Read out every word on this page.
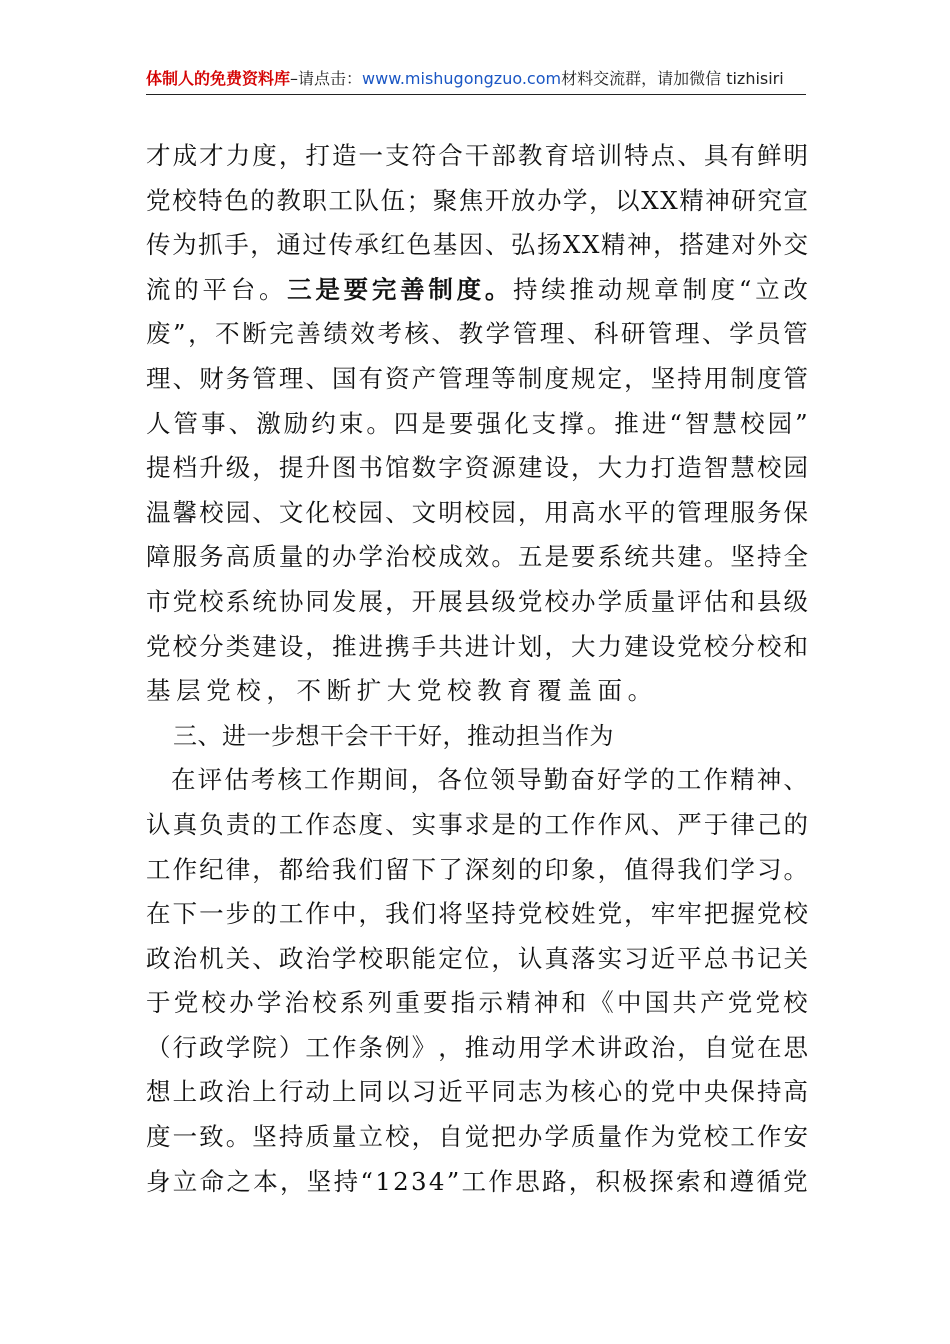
体制人的免费资料库–请点击：www.mishugongzuo.com材料交流群，请加微信 tizhisiri
才 成 才 力 度 ， 打 造 一 支 符 合 干 部 教 育 培 训 特 点 、 具 有 鲜 明
党 校 特 色 的 教 职 工 队 伍 ； 聚 焦 开 放 办 学 ， 以 X X 精 神 研 究 宣
传 为 抓 手 ， 通 过 传 承 红 色 基 因 、 弘 扬 X X 精 神 ， 搭 建 对 外 交
流 的 平 台 。 三 是 要 完 善 制 度 。 持 续 推 动 规 章 制 度 “ 立 改
废 ” ， 不 断 完 善 绩 效 考 核 、 教 学 管 理 、 科 研 管 理 、 学 员 管
理 、 财 务 管 理 、 国 有 资 产 管 理 等 制 度 规 定 ， 坚 持 用 制 度 管
人 管 事 、 激 励 约 束 。 四 是 要 强 化 支 撑 。 推 进 “ 智 慧 校 园 ”
提 档 升 级 ， 提 升 图 书 馆 数 字 资 源 建 设 ， 大 力 打 造 智 慧 校 园
温 馨 校 园 、 文 化 校 园 、 文 明 校 园 ， 用 高 水 平 的 管 理 服 务 保
障 服 务 高 质 量 的 办 学 治 校 成 效 。 五 是 要 系 统 共 建 。 坚 持 全
市 党 校 系 统 协 同 发 展 ， 开 展 县 级 党 校 办 学 质 量 评 估 和 县 级
党 校 分 类 建 设 ， 推 进 携 手 共 进 计 划 ， 大 力 建 设 党 校 分 校 和
基层党校，不断扩大党校教育覆盖面。
三、进一步想干会干干好，推动担当作为
在 评 估 考 核 工 作 期 间 ， 各 位 领 导 勤 奋 好 学 的 工 作 精 神 、
认 真 负 责 的 工 作 态 度 、 实 事 求 是 的 工 作 作 风 、 严 于 律 己 的
工 作 纪 律 ， 都 给 我 们 留 下 了 深 刻 的 印 象 ， 值 得 我 们 学 习 。
在 下 一 步 的 工 作 中 ， 我 们 将 坚 持 党 校 姓 党 ， 牢 牢 把 握 党 校
政 治 机 关 、 政 治 学 校 职 能 定 位 ， 认 真 落 实 习 近 平 总 书 记 关
于 党 校 办 学 治 校 系 列 重 要 指 示 精 神 和 《 中 国 共 产 党 党 校
（ 行 政 学 院 ） 工 作 条 例 》 ， 推 动 用 学 术 讲 政 治 ， 自 觉 在 思
想 上 政 治 上 行 动 上 同 以 习 近 平 同 志 为 核 心 的 党 中 央 保 持 高
度 一 致 。 坚 持 质 量 立 校 ， 自 觉 把 办 学 质 量 作 为 党 校 工 作 安
身 立 命 之 本 ， 坚 持 “ 1 2 3 4 ” 工 作 思 路 ， 积 极 探 索 和 遵 循 党
